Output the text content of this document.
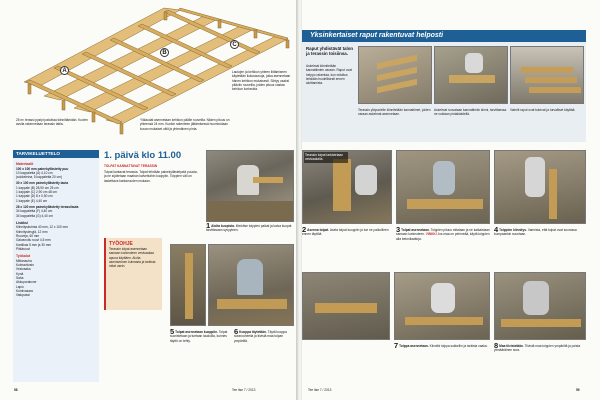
A
B
C

25 m² terassi pystyt pakottaa kiinnittämään. Kuvien avulla rakennetaan terassin lattia.

Ylälaudat asennetaan kehikon päälle ruuveilla. Niiden pituus on yhteensä 24 mm. Kunkin rakenteen jättämisessä huomioidaan kuvan mukaiset välit ja yhtenäinen pinta.

Lautojen ja kehikon yhteen liittämiseen käytetään liukosauvoja, jotka asennetaan hänen kehikon mukaisesti. Siirtyy osaksi pitäviin ruuveilla, joiden pituus vastaa kehikon korkeutta.

TARVIKELUETTELO
Materiaalit
100 x 100 mm painekyllästetty puu
10 kappaletta (A) 4,10 cm
(sokkeleina, 5 kappaletta 20 cm)
30 x 100 mm painekyllästetty lauta
1 kappale (B) 28,90 cm 25 cm
1 kappale (C) 2,90 cm 48 cm
1 kappale (D) 8 x 0,50 cm
1 kappale (E) 4,40 cm
28 x 120 mm painekyllästetty terassilauta
34 kappaletta (F) 4,40 cm
34 kappaletta (G) 4,40 cm
Lisäksi
Kiinnityskulmia 40 mm, 12 x 100 mm
Kiinnityslevyjä, 12 mm
Ruuveja, 60 mm
Galvanoitu ruuvi 4,5 mm
Kantikas 5 mm ja 30 mm
Pitkäruuvi
Työkalut
Mittanauha
Kulmaviivain
Vesivaaka
Kynä
Saha
Akkuporakone
Lapio
Kumivasara
Vatupassi
1. päivä klo 11.00
TOLPAT KANNATTAVAT TERASSIN

Tolpat kantavat terassia. Tolpat tehdään painekyllästetystä puusta, ja ne sijoitetaan maahan kaivettuihin kuoppiin. Tolppien väli on laskettava kantavuuden mukaan.

TYÖOHJE

Terassin tolpat asennetaan samaan korkeuteen vesivaakaa apuna käyttäen. Aloita asentaminen kulmasta ja tarkista mitat usein.

1Aloita kuopista. Merkitse tolppien paikat ja kaiva kuopat tarvittavaan syvyyteen.

5Tolpat asennetaan kuoppiin. Tolpat suoristetaan ja tuetaan laudoilla, kunnes täyttö on tehty.

6Kuoppa täytetään. Täytä kuoppa sorarouheella ja tiivistä maa tolpan ympäriltä.

58	Tee itse 7 / 2013
Yksinkertaiset raput rakentuvat helposti
Raput yhdistävät talon ja terassin toisiinsa.

Askelmat kiinnitetään kannattimien varaan. Raput ovat helppo rakentaa, kun mitoitus tehdään huolellisesti ennen aloittamista.

Terassin yläpuolelle kiinnitetään kannattimet, joiden varaan askelmat asennetaan.

Askelmat ruuvataan kannattimiin kiinni, tarvittaessa ne voidaan pintakäsitellä.

Valmiit raput ovat tukevat ja turvalliset käyttää.

Terassin tolpat tarkistetaan vesivaakalla.

2Asenna tolpat. Aseta tolpat kuoppiin ja tue ne paikoilleen ennen täyttöä.

3Tolpat asennetaan. Tolppien pituus mitataan ja ne katkaistaan samaan korkeuteen. VINKKI Jos maa on pehmeää, käytä tolppien alla betonilaattoja.

4Tolppien kiinnitys. Varmista, että tolpat ovat suorassa kumpaankin suuntaan.

7Tolppa asennetaan. Kiinnitä tolppa sokkeliin ja tarkista vaaka. 8Maa tiivistetään. Tiivistä maa tolppien ympäriltä ja poista ylimääräinen sora.

Tee itse 7 / 2013	59
